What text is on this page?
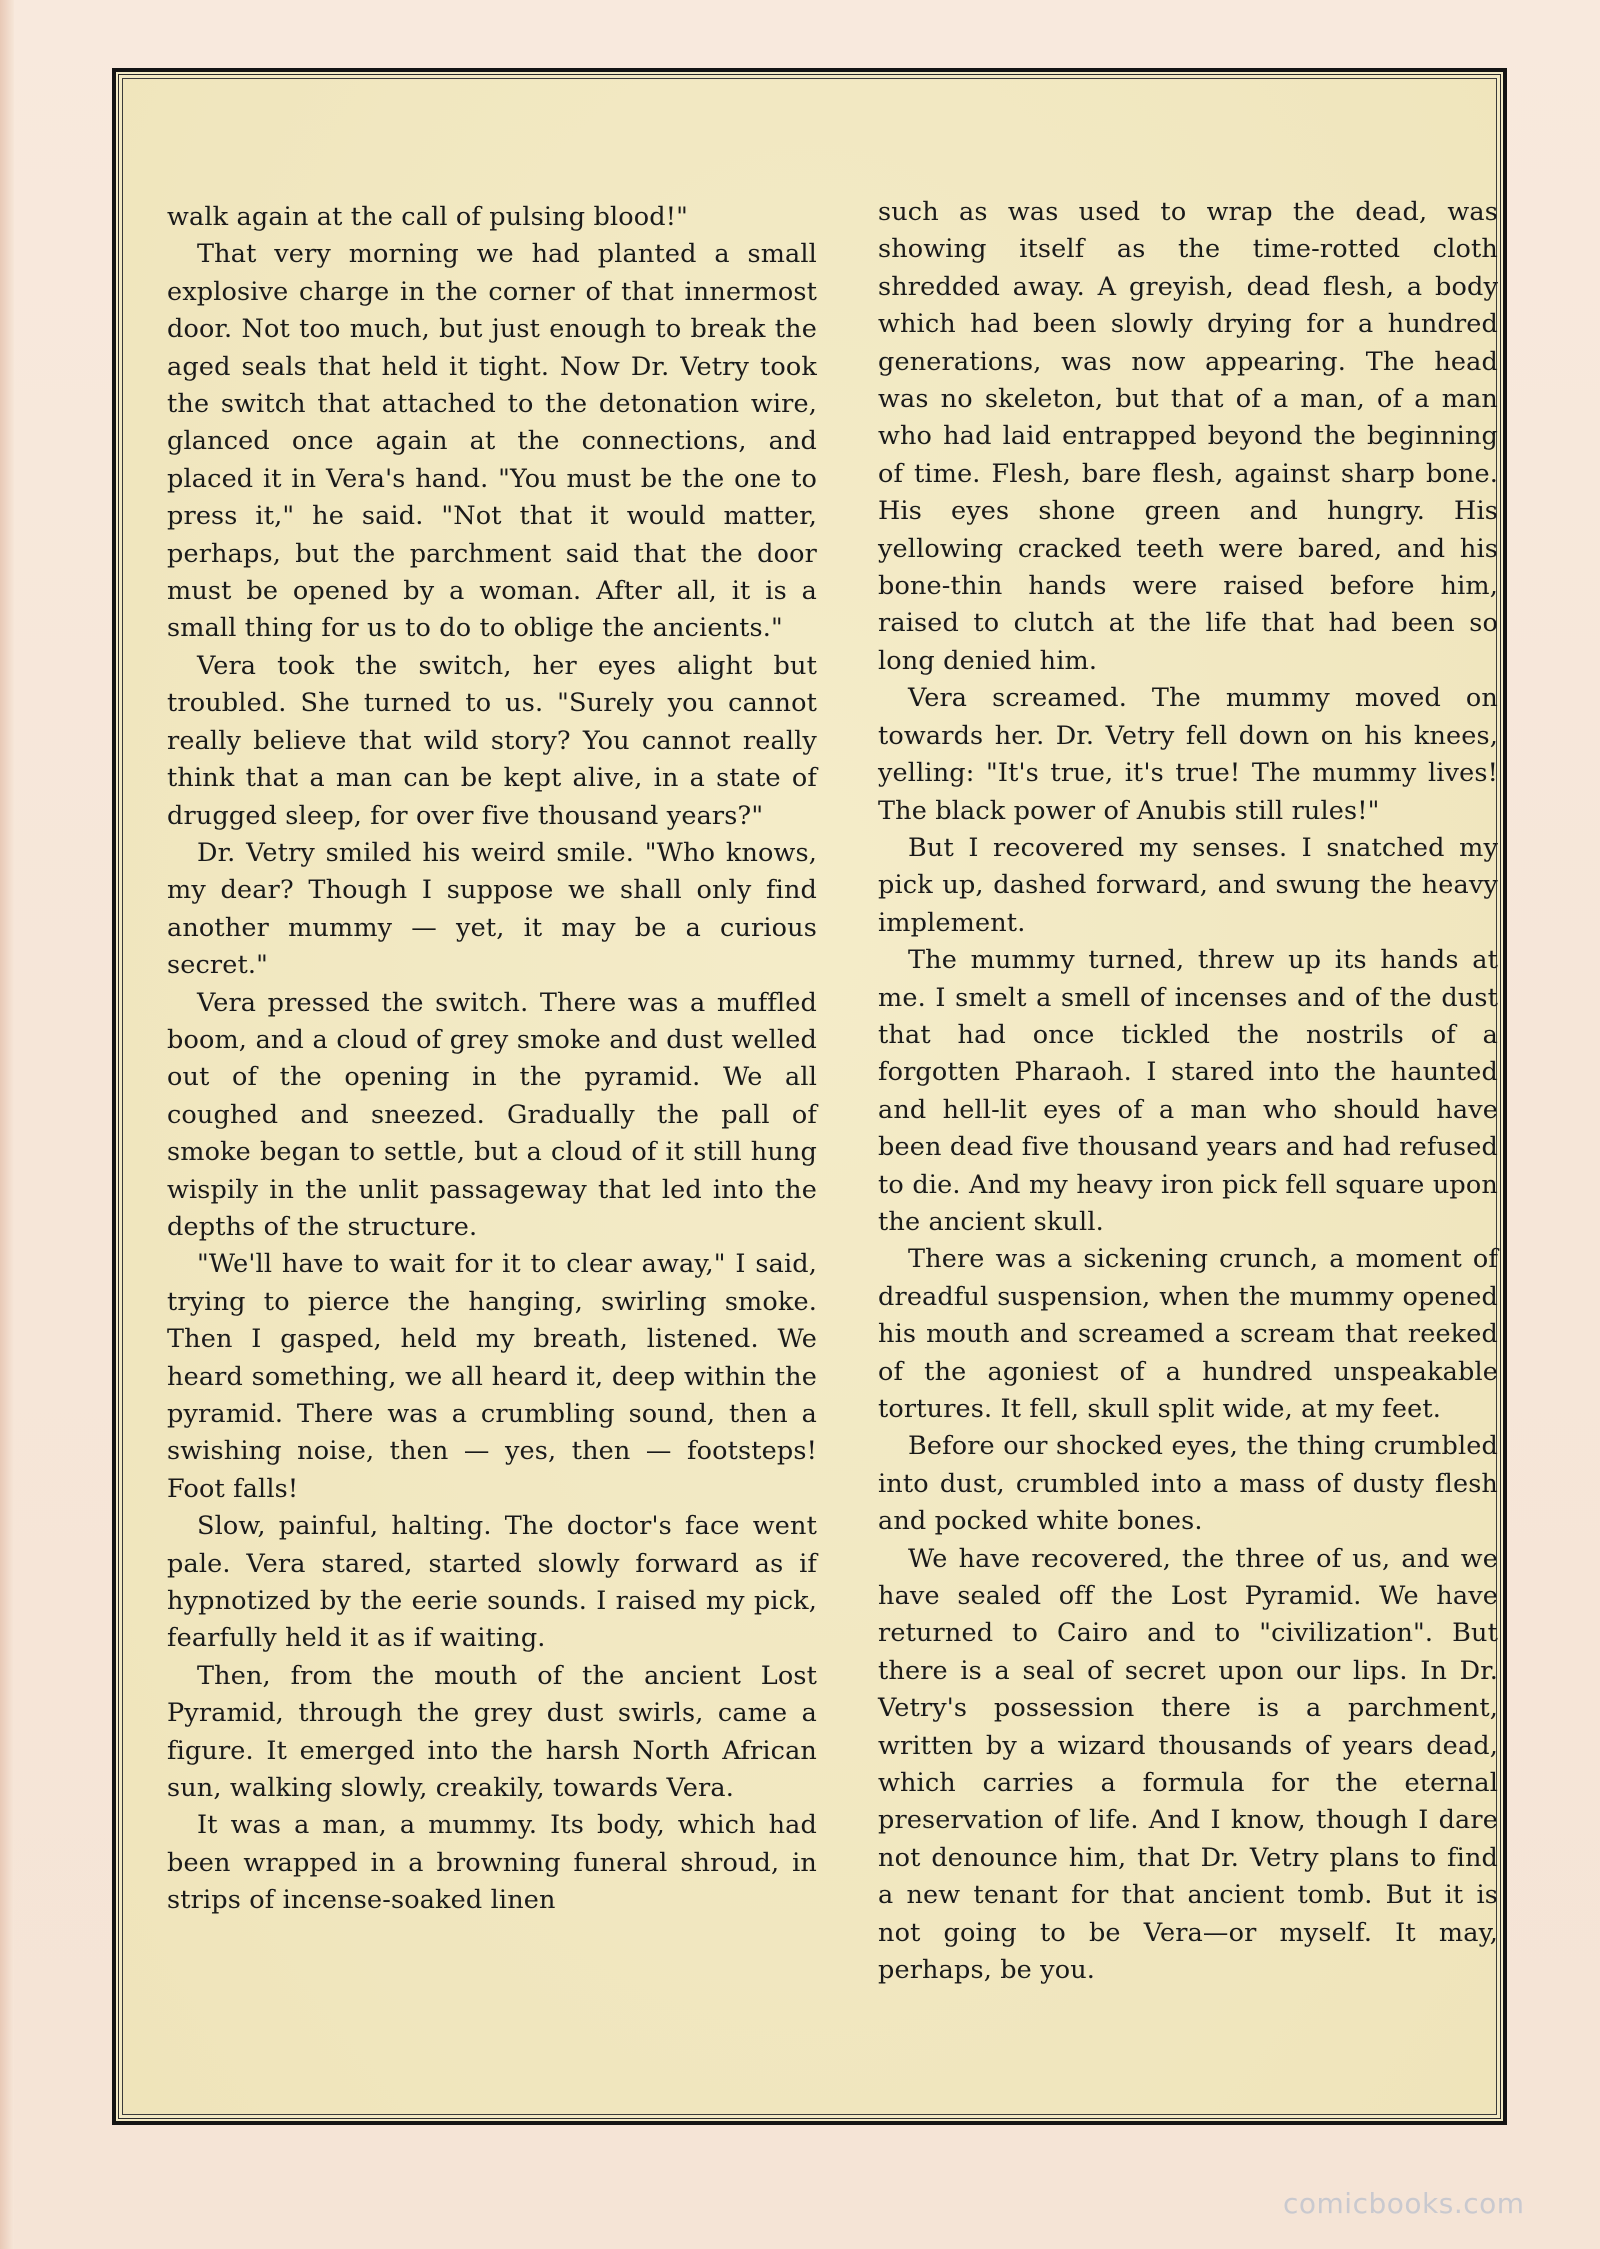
walk again at the call of pulsing blood!"

That very morning we had planted a small explosive charge in the corner of that innermost door. Not too much, but just enough to break the aged seals that held it tight. Now Dr. Vetry took the switch that attached to the detonation wire, glanced once again at the connections, and placed it in Vera's hand. "You must be the one to press it," he said. "Not that it would matter, perhaps, but the parchment said that the door must be opened by a woman. After all, it is a small thing for us to do to oblige the ancients."

Vera took the switch, her eyes alight but troubled. She turned to us. "Surely you cannot really believe that wild story? You cannot really think that a man can be kept alive, in a state of drugged sleep, for over five thousand years?"

Dr. Vetry smiled his weird smile. "Who knows, my dear? Though I suppose we shall only find another mummy — yet, it may be a curious secret."

Vera pressed the switch. There was a muffled boom, and a cloud of grey smoke and dust welled out of the opening in the pyramid. We all coughed and sneezed. Gradually the pall of smoke began to settle, but a cloud of it still hung wispily in the unlit passageway that led into the depths of the structure.

"We'll have to wait for it to clear away," I said, trying to pierce the hanging, swirling smoke. Then I gasped, held my breath, listened. We heard something, we all heard it, deep within the pyramid. There was a crumbling sound, then a swishing noise, then — yes, then — footsteps! Foot falls!

Slow, painful, halting. The doctor's face went pale. Vera stared, started slowly forward as if hypnotized by the eerie sounds. I raised my pick, fearfully held it as if waiting.

Then, from the mouth of the ancient Lost Pyramid, through the grey dust swirls, came a figure. It emerged into the harsh North African sun, walking slowly, creakily, towards Vera.

It was a man, a mummy. Its body, which had been wrapped in a browning funeral shroud, in strips of incense-soaked linen

such as was used to wrap the dead, was showing itself as the time-rotted cloth shredded away. A greyish, dead flesh, a body which had been slowly drying for a hundred generations, was now appearing. The head was no skeleton, but that of a man, of a man who had laid entrapped beyond the beginning of time. Flesh, bare flesh, against sharp bone. His eyes shone green and hungry. His yellowing cracked teeth were bared, and his bone-thin hands were raised before him, raised to clutch at the life that had been so long denied him.

Vera screamed. The mummy moved on towards her. Dr. Vetry fell down on his knees, yelling: "It's true, it's true! The mummy lives! The black power of Anubis still rules!"

But I recovered my senses. I snatched my pick up, dashed forward, and swung the heavy implement.

The mummy turned, threw up its hands at me. I smelt a smell of incenses and of the dust that had once tickled the nostrils of a forgotten Pharaoh. I stared into the haunted and hell-lit eyes of a man who should have been dead five thousand years and had refused to die. And my heavy iron pick fell square upon the ancient skull.

There was a sickening crunch, a moment of dreadful suspension, when the mummy opened his mouth and screamed a scream that reeked of the agoniest of a hundred unspeakable tortures. It fell, skull split wide, at my feet.

Before our shocked eyes, the thing crumbled into dust, crumbled into a mass of dusty flesh and pocked white bones.

We have recovered, the three of us, and we have sealed off the Lost Pyramid. We have returned to Cairo and to "civilization". But there is a seal of secret upon our lips. In Dr. Vetry's possession there is a parchment, written by a wizard thousands of years dead, which carries a formula for the eternal preservation of life. And I know, though I dare not denounce him, that Dr. Vetry plans to find a new tenant for that ancient tomb. But it is not going to be Vera—or myself. It may, perhaps, be you.

comicbooks.com
